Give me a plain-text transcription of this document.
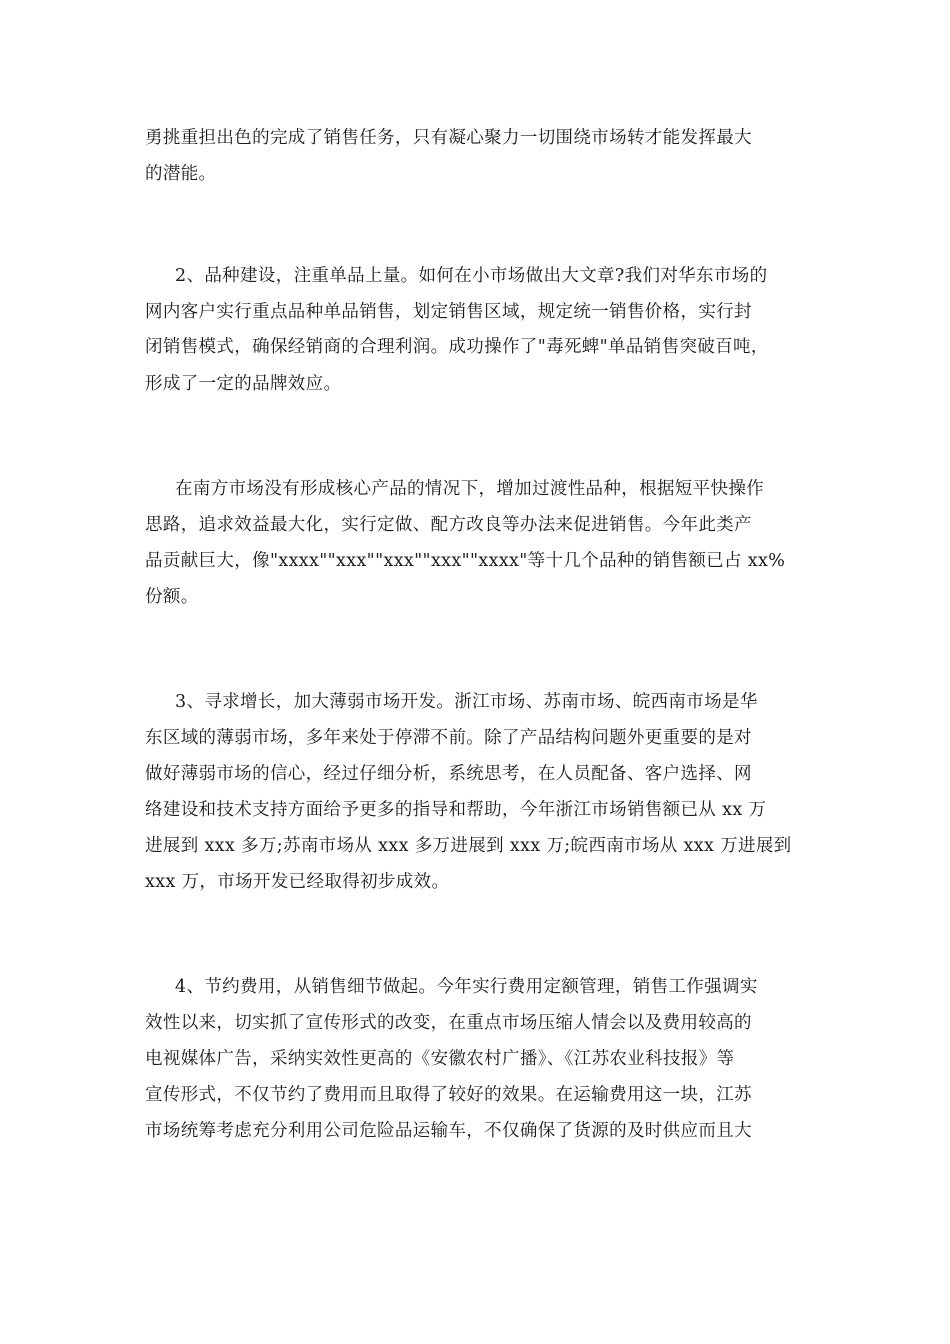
勇挑重担出色的完成了销售任务，只有凝心聚力一切围绕市场转才能发挥最大
的潜能。
2、品种建设，注重单品上量。如何在小市场做出大文章?我们对华东市场的
网内客户实行重点品种单品销售，划定销售区域，规定统一销售价格，实行封
闭销售模式，确保经销商的合理利润。成功操作了"毒死蜱"单品销售突破百吨，
形成了一定的品牌效应。
在南方市场没有形成核心产品的情况下，增加过渡性品种，根据短平快操作
思路，追求效益最大化，实行定做、配方改良等办法来促进销售。今年此类产
品贡献巨大，像"xxxx""xxx""xxx""xxx""xxxx"等十几个品种的销售额已占 xx%
份额。
3、寻求增长，加大薄弱市场开发。浙江市场、苏南市场、皖西南市场是华
东区域的薄弱市场，多年来处于停滞不前。除了产品结构问题外更重要的是对
做好薄弱市场的信心，经过仔细分析，系统思考，在人员配备、客户选择、网
络建设和技术支持方面给予更多的指导和帮助，今年浙江市场销售额已从 xx 万
进展到 xxx 多万;苏南市场从 xxx 多万进展到 xxx 万;皖西南市场从 xxx 万进展到
xxx 万，市场开发已经取得初步成效。
4、节约费用，从销售细节做起。今年实行费用定额管理，销售工作强调实
效性以来，切实抓了宣传形式的改变，在重点市场压缩人情会以及费用较高的
电视媒体广告，采纳实效性更高的《安徽农村广播》、《江苏农业科技报》等
宣传形式，不仅节约了费用而且取得了较好的效果。在运输费用这一块，江苏
市场统筹考虑充分利用公司危险品运输车，不仅确保了货源的及时供应而且大
